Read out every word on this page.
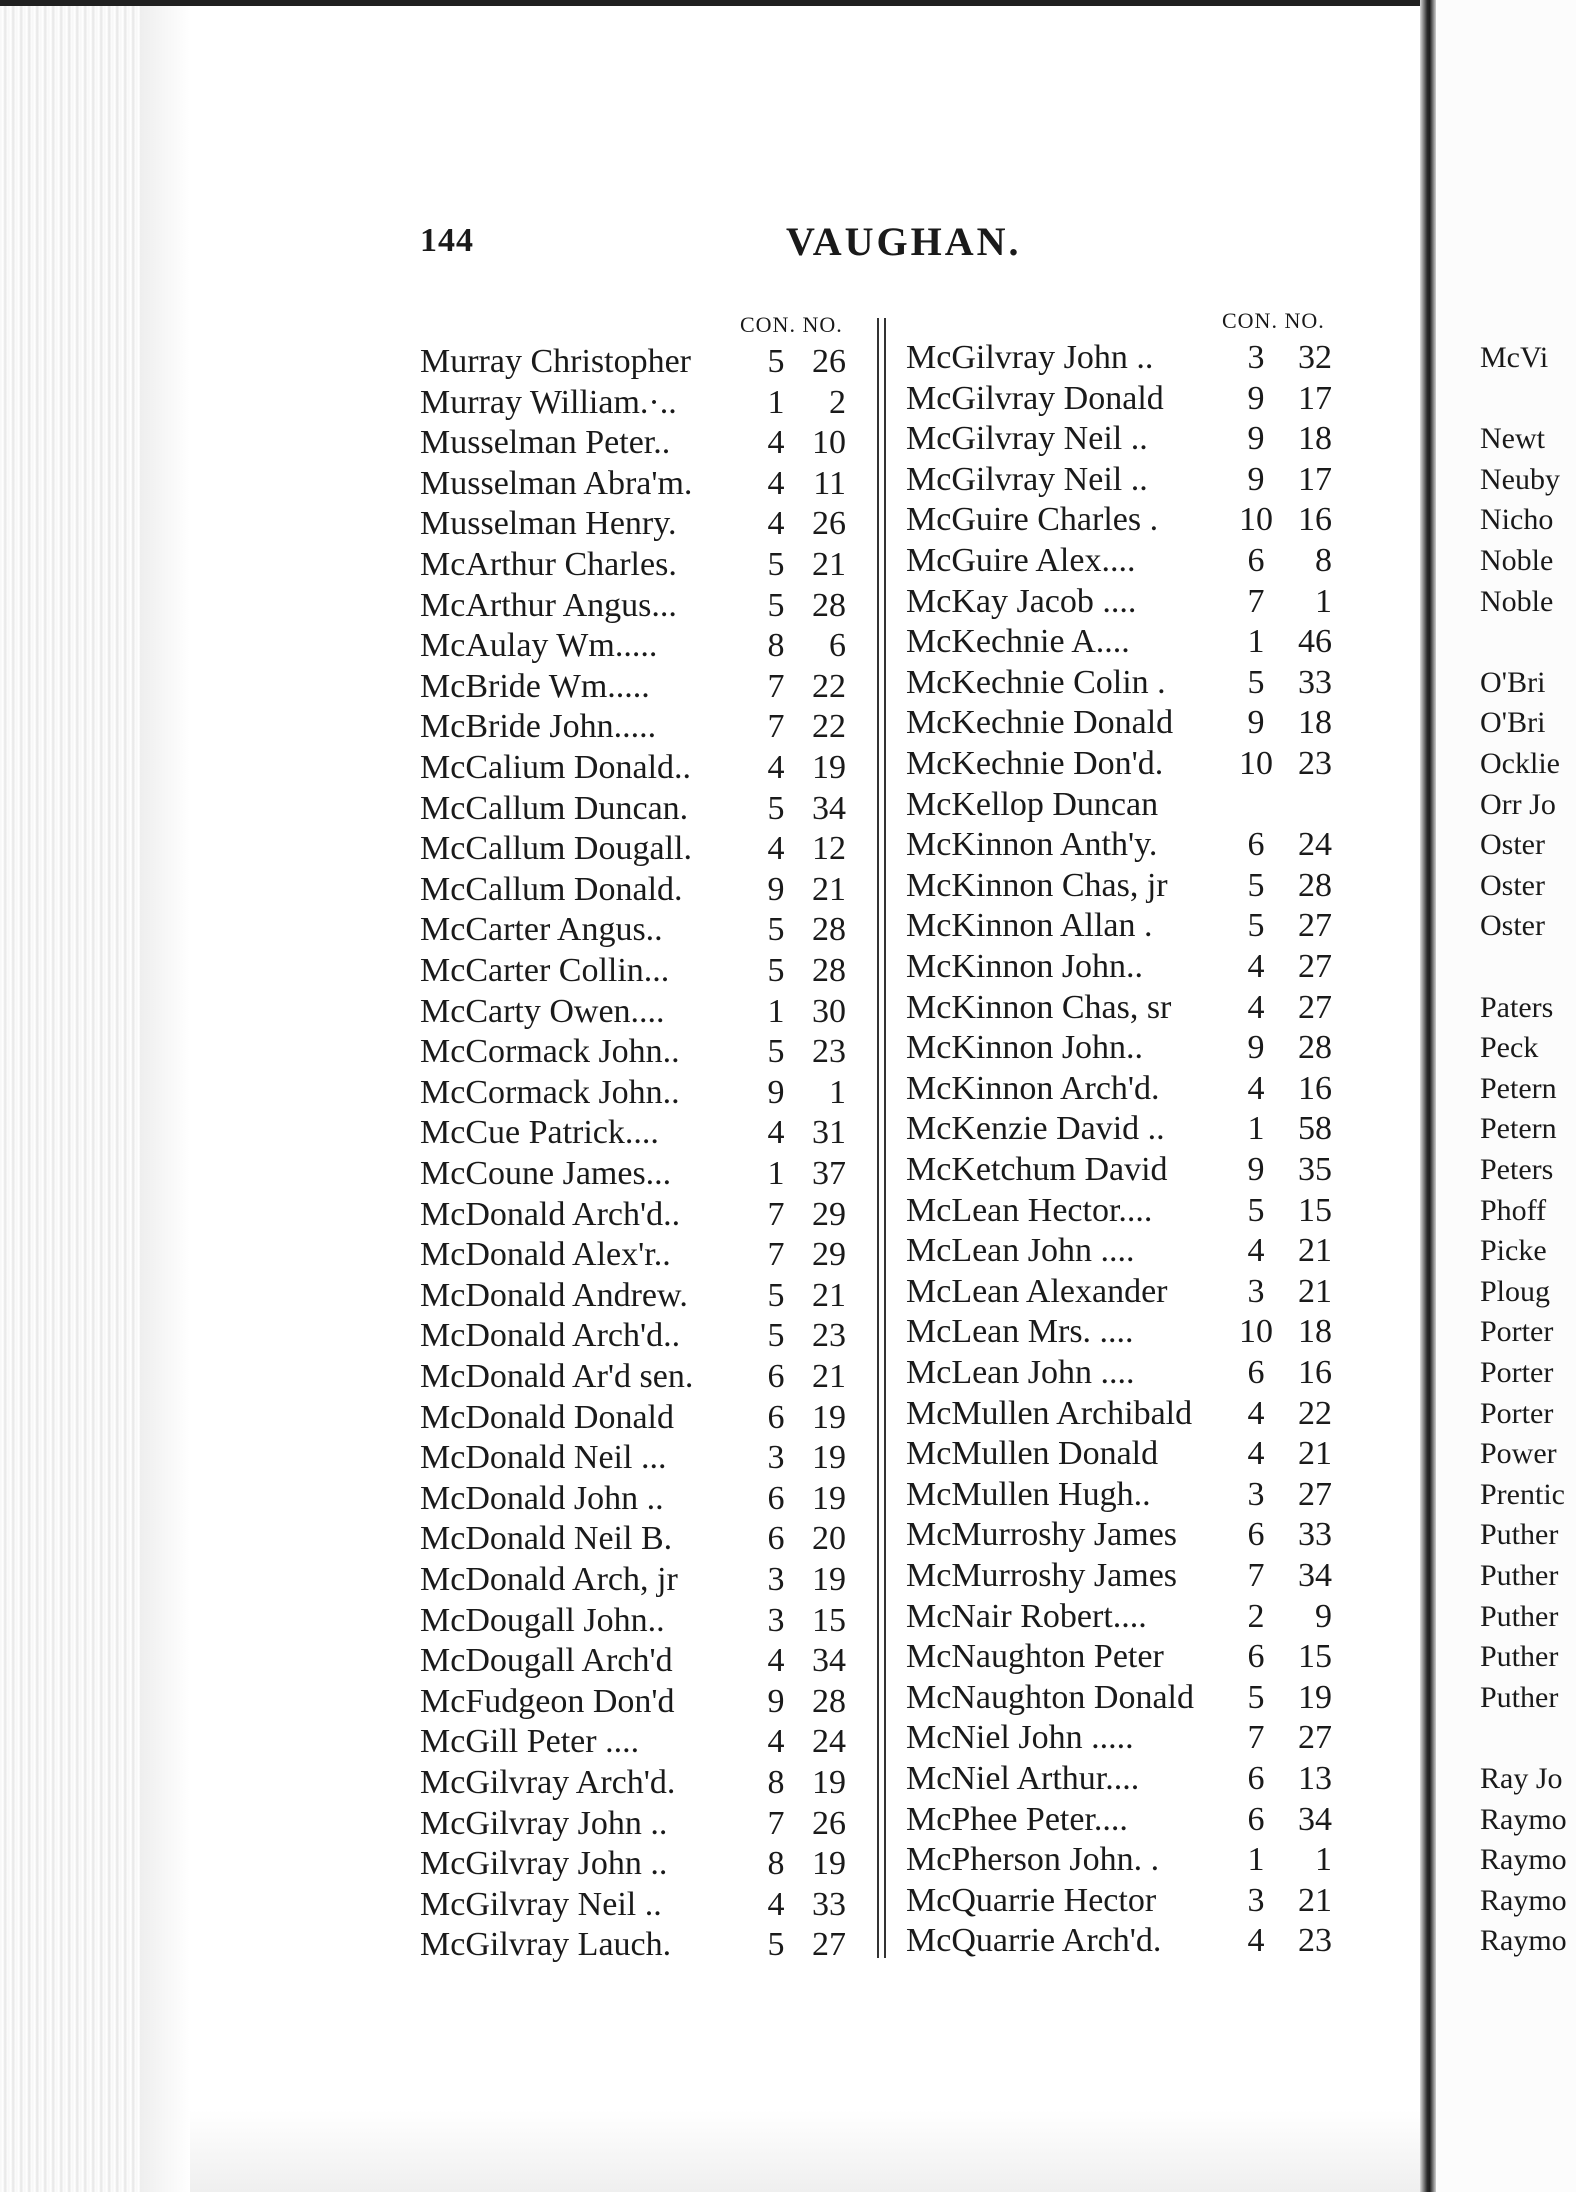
144	VAUGHAN.
CON. NO.	CON. NO.
Murray Christopher	5 26
Murray William.·..	1	2
Musselman Peter..	4 10
Musselman Abra'm.	4 11
Musselman Henry.	4 26
McArthur Charles.	5 21
McArthur Angus...	5 28
McAulay Wm.....	8	6
McBride Wm.....	7 22
McBride John.....	7 22
McCalium Donald..	4 19
McCallum Duncan.	5 34
McCallum Dougall.	4 12
McCallum Donald.	9 21
McCarter Angus..	5 28
McCarter Collin...	5 28
McCarty Owen....	1 30
McCormack John..	5 23
McCormack John..	9	1
McCue Patrick....	4 31
McCoune James...	1 37
McDonald Arch'd..	7 29
McDonald Alex'r..	7 29
McDonald Andrew.	5 21
McDonald Arch'd..	5 23
McDonald Ar'd sen.	6 21
McDonald Donald	6 19
McDonald Neil ...	3 19
McDonald John ..	6 19
McDonald Neil B.	6 20
McDonald Arch, jr	3 19
McDougall John..	3 15
McDougall Arch'd	4 34
McFudgeon Don'd	9 28
McGill Peter ....	4 24
McGilvray Arch'd.	8 19
McGilvray John ..	7 26
McGilvray John ..	8 19
McGilvray Neil ..	4 33
McGilvray Lauch.	5 27
McGilvray John ..	3 32
McGilvray Donald	9 17
McGilvray Neil ..	9 18
McGilvray Neil ..	9 17
McGuire Charles . 10 16
McGuire Alex....	6	8
McKay Jacob ....	7	1
McKechnie A....	1 46
McKechnie Colin .	5 33
McKechnie Donald	9 18
McKechnie Don'd. 10 23
McKellop Duncan
McKinnon Anth'y.	6 24
McKinnon Chas, jr	5 28
McKinnon Allan .	5 27
McKinnon John..	4 27
McKinnon Chas, sr	4 27
McKinnon John..	9 28
McKinnon Arch'd.	4 16
McKenzie David ..	1 58
McKetchum David	9 35
McLean Hector....	5 15
McLean John ....	4 21
McLean Alexander	3 21
McLean Mrs. ....	10 18
McLean John ....	6 16
McMullen Archibald	4 22
McMullen Donald	4 21
McMullen Hugh..	3 27
McMurroshy James	6 33
McMurroshy James	7 34
McNair Robert....	2	9
McNaughton Peter	6 15
McNaughton Donald	5 19
McNiel John .....	7 27
McNiel Arthur....	6 13
McPhee Peter....	6 34
McPherson John. .	1	1
McQuarrie Hector	3 21
McQuarrie Arch'd.	4 23
McVi
Newt
Neuby
Nicho
Noble
Noble
O'Bri
O'Bri
Ocklie
Orr Jo
Oster
Oster
Oster
Paters
Peck
Petern
Petern
Peters
Phoff
Picke
Ploug
Porter
Porter
Porter
Power
Prentic
Puther
Puther
Puther
Puther
Puther
Ray Jo
Raymo
Raymo
Raymo
Raymo
